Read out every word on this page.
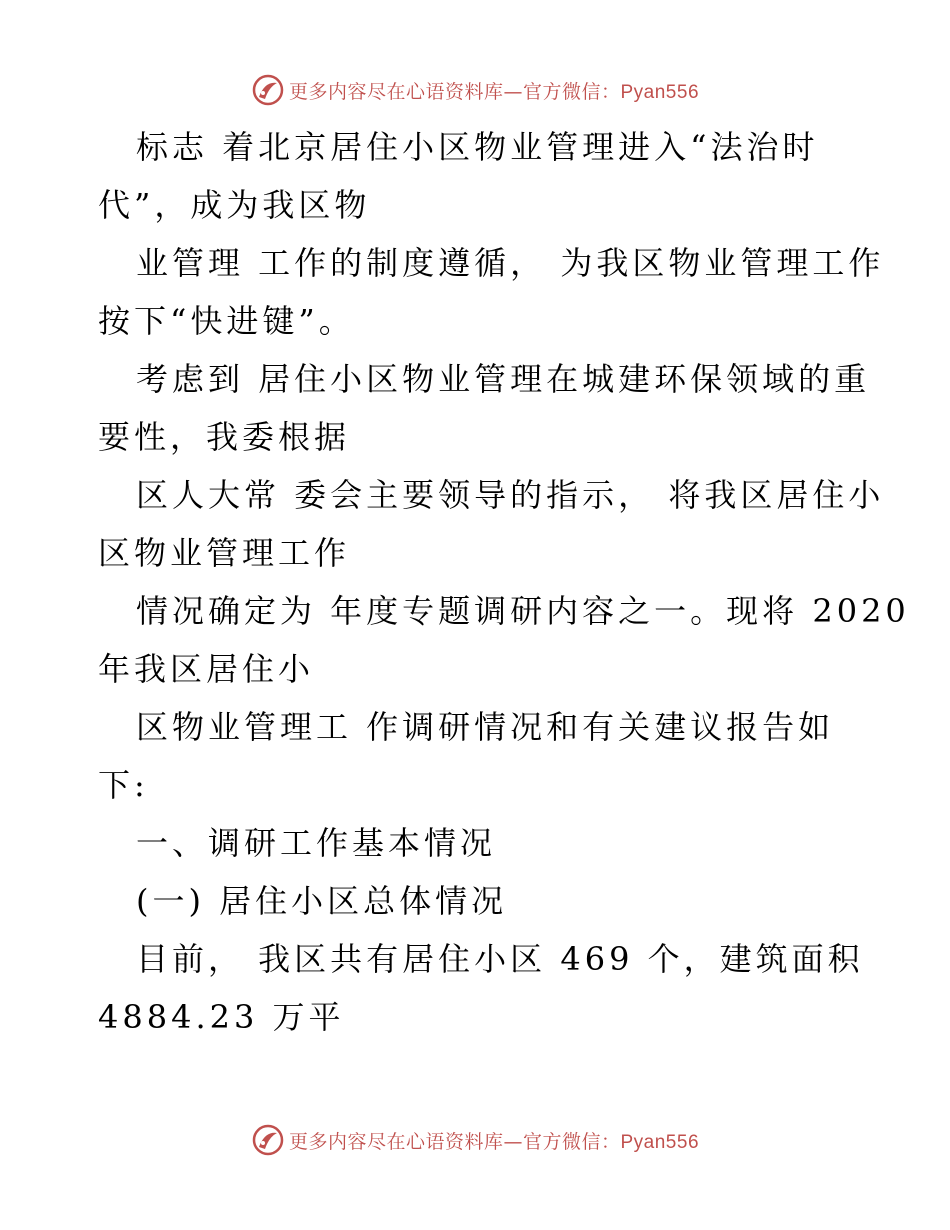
更多内容尽在心语资料库—官方微信：Pyan556
标志 着北京居住小区物业管理进入“法治时
代”，成为我区物
业管理 工作的制度遵循， 为我区物业管理工作
按下“快进键”。
考虑到 居住小区物业管理在城建环保领域的重
要性，我委根据
区人大常 委会主要领导的指示， 将我区居住小
区物业管理工作
情况确定为 年度专题调研内容之一。现将 2020
年我区居住小
区物业管理工 作调研情况和有关建议报告如
下:
一、调研工作基本情况
(一) 居住小区总体情况
目前， 我区共有居住小区 469 个，建筑面积
4884.23 万平
更多内容尽在心语资料库—官方微信：Pyan556
